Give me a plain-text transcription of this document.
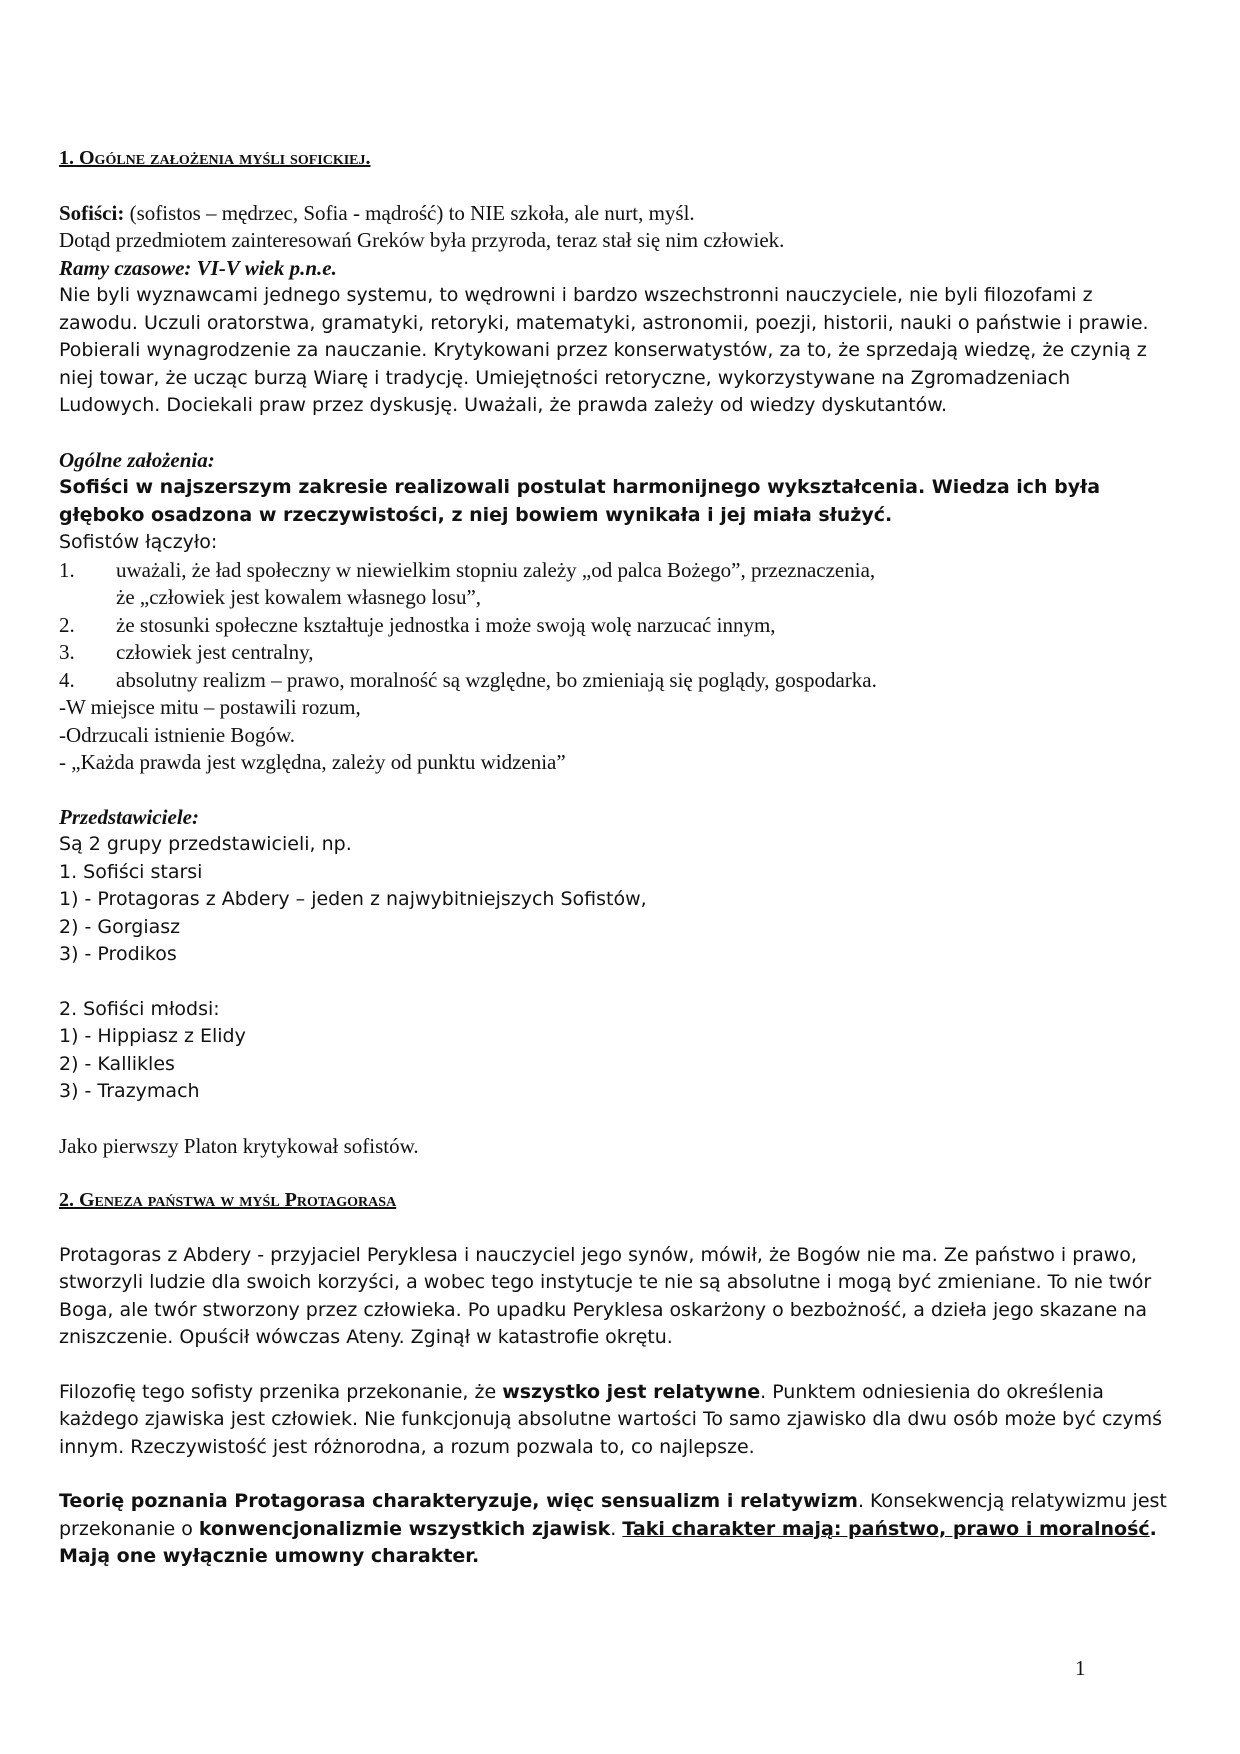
1. Ogólne założenia myśli sofickiej.

Sofiści: (sofistos – mędrzec, Sofia - mądrość) to NIE szkoła, ale nurt, myśl.

Dotąd przedmiotem zainteresowań Greków była przyroda, teraz stał się nim człowiek.

Ramy czasowe: VI-V wiek p.n.e.

Nie byli wyznawcami jednego systemu, to wędrowni i bardzo wszechstronni nauczyciele, nie byli filozofami z zawodu. Uczuli oratorstwa, gramatyki, retoryki, matematyki, astronomii, poezji, historii, nauki o państwie i prawie. Pobierali wynagrodzenie za nauczanie. Krytykowani przez konserwatystów, za to, że sprzedają wiedzę, że czynią z niej towar, że ucząc burzą Wiarę i tradycję. Umiejętności retoryczne, wykorzystywane na Zgromadzeniach Ludowych. Dociekali praw przez dyskusję. Uważali, że prawda zależy od wiedzy dyskutantów.

Ogólne założenia:

Sofiści w najszerszym zakresie realizowali postulat harmonijnego wykształcenia. Wiedza ich była głęboko osadzona w rzeczywistości, z niej bowiem wynikała i jej miała służyć.

Sofistów łączyło:

1.	uważali, że ład społeczny w niewielkim stopniu zależy „od palca Bożego”, przeznaczenia,

że „człowiek jest kowalem własnego losu”,

2.	że stosunki społeczne kształtuje jednostka i może swoją wolę narzucać innym,
3.	człowiek jest centralny,
4.	absolutny realizm – prawo, moralność są względne, bo zmieniają się poglądy, gospodarka.

-W miejsce mitu – postawili rozum,

-Odrzucali istnienie Bogów.

- „Każda prawda jest względna, zależy od punktu widzenia”

Przedstawiciele:

Są 2 grupy przedstawicieli, np.

1. Sofiści starsi

1) - Protagoras z Abdery – jeden z najwybitniejszych Sofistów,

2) - Gorgiasz

3) - Prodikos

2. Sofiści młodsi:

1) - Hippiasz z Elidy

2) - Kallikles

3) - Trazymach

Jako pierwszy Platon krytykował sofistów.

2. Geneza państwa w myśl Protagorasa

Protagoras z Abdery - przyjaciel Peryklesa i nauczyciel jego synów, mówił, że Bogów nie ma. Ze państwo i prawo, stworzyli ludzie dla swoich korzyści, a wobec tego instytucje te nie są absolutne i mogą być zmieniane. To nie twór Boga, ale twór stworzony przez człowieka. Po upadku Peryklesa oskarżony o bezbożność, a dzieła jego skazane na zniszczenie. Opuścił wówczas Ateny. Zginął w katastrofie okrętu.

Filozofię tego sofisty przenika przekonanie, że wszystko jest relatywne. Punktem odniesienia do określenia każdego zjawiska jest człowiek. Nie funkcjonują absolutne wartości To samo zjawisko dla dwu osób może być czymś innym. Rzeczywistość jest różnorodna, a rozum pozwala to, co najlepsze.

Teorię poznania Protagorasa charakteryzuje, więc sensualizm i relatywizm. Konsekwencją relatywizmu jest przekonanie o konwencjonalizmie wszystkich zjawisk. Taki charakter mają: państwo, prawo i moralność. Mają one wyłącznie umowny charakter.

1
